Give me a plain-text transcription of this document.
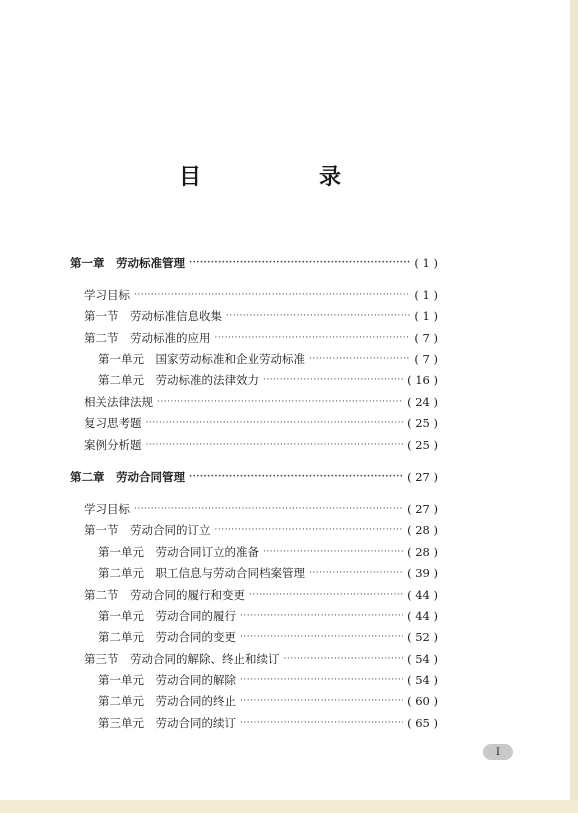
目　录
第一章　劳动标准管理 ·····	( 1 )
学习目标 ·····	( 1 )
第一节　劳动标准信息收集 ·····	( 1 )
第二节　劳动标准的应用 ·····	( 7 )
第一单元　国家劳动标准和企业劳动标准 ·····	( 7 )
第二单元　劳动标准的法律效力 ·····	( 16 )
相关法律法规 ·····	( 24 )
复习思考题 ·····	( 25 )
案例分析题 ·····	( 25 )
第二章　劳动合同管理 ·····	( 27 )
学习目标 ·····	( 27 )
第一节　劳动合同的订立 ·····	( 28 )
第一单元　劳动合同订立的准备 ·····	( 28 )
第二单元　职工信息与劳动合同档案管理 ·····	( 39 )
第二节　劳动合同的履行和变更 ·····	( 44 )
第一单元　劳动合同的履行 ·····	( 44 )
第二单元　劳动合同的变更 ·····	( 52 )
第三节　劳动合同的解除、终止和续订 ·····	( 54 )
第一单元　劳动合同的解除 ·····	( 54 )
第二单元　劳动合同的终止 ·····	( 60 )
第三单元　劳动合同的续订 ·····	( 65 )
I
